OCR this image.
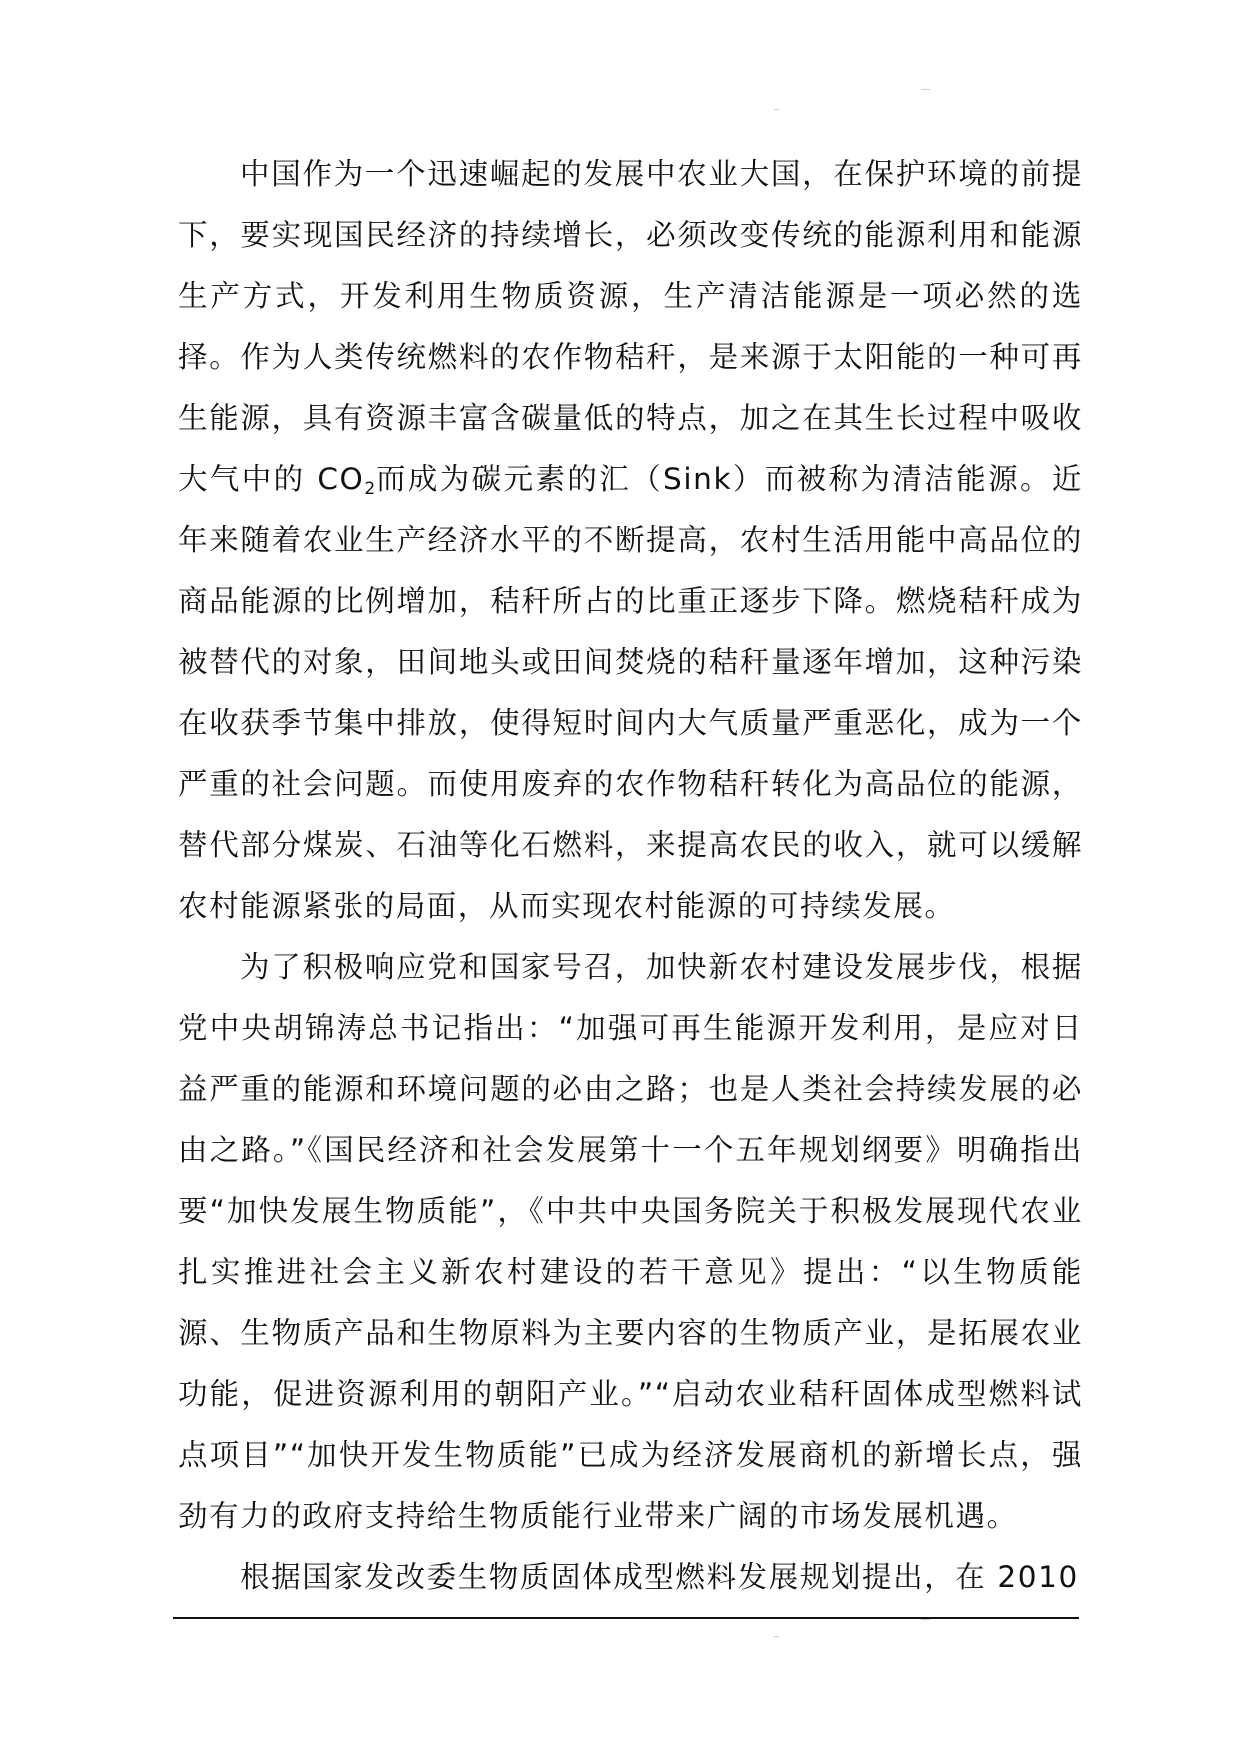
中国作为一个迅速崛起的发展中农业大国，在保护环境的前提下，要实现国民经济的持续增长，必须改变传统的能源利用和能源生产方式，开发利用生物质资源，生产清洁能源是一项必然的选择。作为人类传统燃料的农作物秸秆，是来源于太阳能的一种可再生能源，具有资源丰富含碳量低的特点，加之在其生长过程中吸收大气中的 $CO_2$而成为碳元素的汇（Sink）而被称为清洁能源。近年来随着农业生产经济水平的不断提高，农村生活用能中高品位的商品能源的比例增加，秸秆所占的比重正逐步下降。燃烧秸秆成为被替代的对象，田间地头或田间焚烧的秸秆量逐年增加，这种污染在收获季节集中排放，使得短时间内大气质量严重恶化，成为一个严重的社会问题。而使用废弃的农作物秸秆转化为高品位的能源，替代部分煤炭、石油等化石燃料，来提高农民的收入，就可以缓解农村能源紧张的局面，从而实现农村能源的可持续发展。

为了积极响应党和国家号召，加快新农村建设发展步伐，根据党中央胡锦涛总书记指出：“加强可再生能源开发利用，是应对日益严重的能源和环境问题的必由之路；也是人类社会持续发展的必由之路。”《国民经济和社会发展第十一个五年规划纲要》明确指出要“加快发展生物质能”，《中共中央国务院关于积极发展现代农业扎实推进社会主义新农村建设的若干意见》提出：“以生物质能源、生物质产品和生物原料为主要内容的生物质产业，是拓展农业功能，促进资源利用的朝阳产业。”“启动农业秸秆固体成型燃料试点项目”“加快开发生物质能”已成为经济发展商机的新增长点，强劲有力的政府支持给生物质能行业带来广阔的市场发展机遇。

根据国家发改委生物质固体成型燃料发展规划提出，在 2010
